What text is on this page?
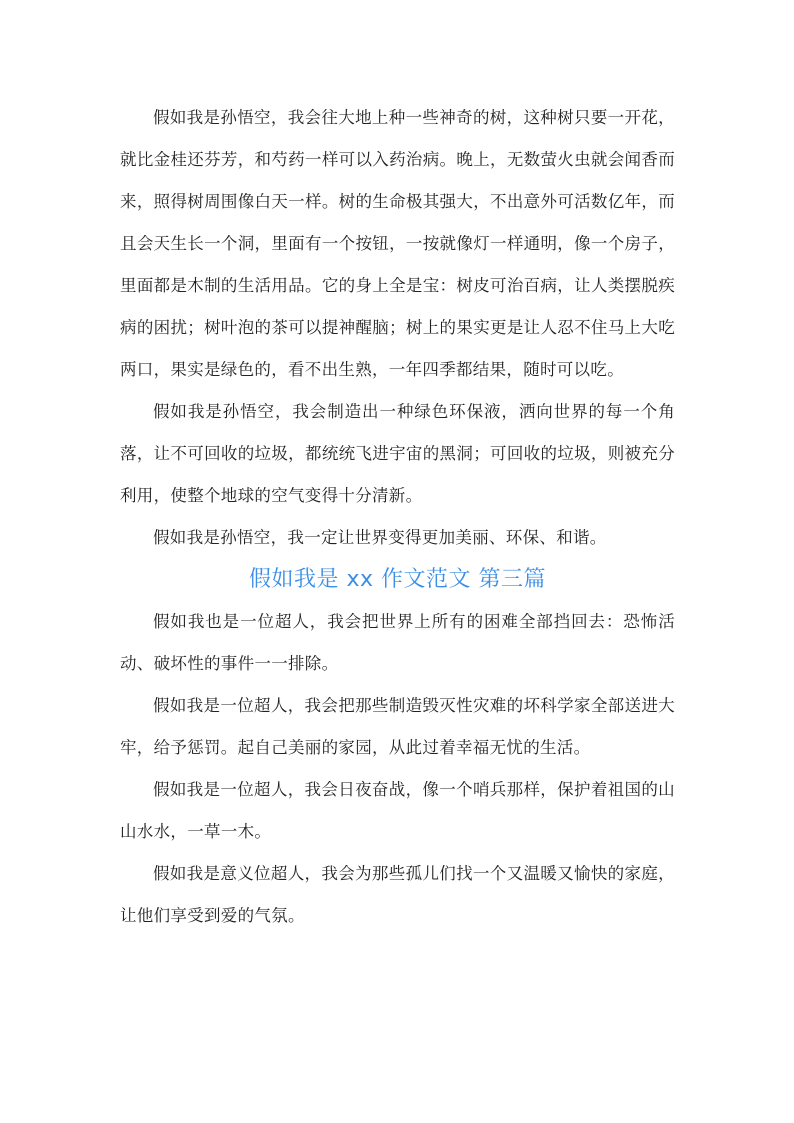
假如我是孙悟空，我会往大地上种一些神奇的树，这种树只要一开花，就比金桂还芬芳，和芍药一样可以入药治病。晚上，无数萤火虫就会闻香而来，照得树周围像白天一样。树的生命极其强大，不出意外可活数亿年，而且会天生长一个洞，里面有一个按钮，一按就像灯一样通明，像一个房子，里面都是木制的生活用品。它的身上全是宝：树皮可治百病，让人类摆脱疾病的困扰；树叶泡的茶可以提神醒脑；树上的果实更是让人忍不住马上大吃两口，果实是绿色的，看不出生熟，一年四季都结果，随时可以吃。

假如我是孙悟空，我会制造出一种绿色环保液，洒向世界的每一个角落，让不可回收的垃圾，都统统飞进宇宙的黑洞；可回收的垃圾，则被充分利用，使整个地球的空气变得十分清新。

假如我是孙悟空，我一定让世界变得更加美丽、环保、和谐。

假如我是 xx 作文范文 第三篇

假如我也是一位超人，我会把世界上所有的困难全部挡回去：恐怖活动、破坏性的事件一一排除。

假如我是一位超人，我会把那些制造毁灭性灾难的坏科学家全部送进大牢，给予惩罚。起自己美丽的家园，从此过着幸福无忧的生活。

假如我是一位超人，我会日夜奋战，像一个哨兵那样，保护着祖国的山山水水，一草一木。

假如我是意义位超人，我会为那些孤儿们找一个又温暖又愉快的家庭，让他们享受到爱的气氛。
